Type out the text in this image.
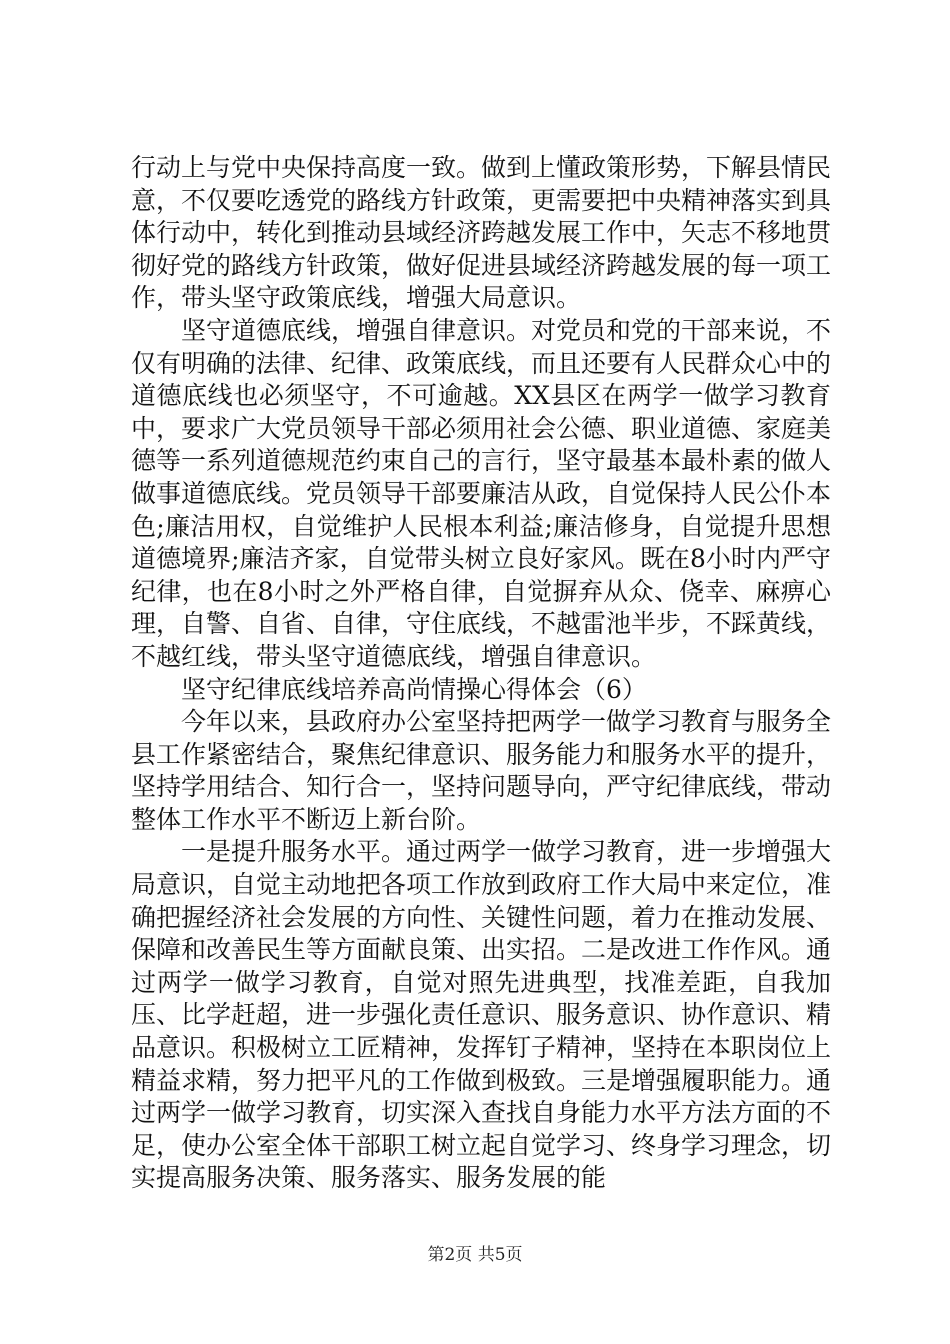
行动上与党中央保持高度一致。做到上懂政策形势，下解县情民意，不仅要吃透党的路线方针政策，更需要把中央精神落实到具体行动中，转化到推动县域经济跨越发展工作中，矢志不移地贯彻好党的路线方针政策，做好促进县域经济跨越发展的每一项工作，带头坚守政策底线，增强大局意识。

坚守道德底线，增强自律意识。对党员和党的干部来说，不仅有明确的法律、纪律、政策底线，而且还要有人民群众心中的道德底线也必须坚守，不可逾越。XX县区在两学一做学习教育中，要求广大党员领导干部必须用社会公德、职业道德、家庭美德等一系列道德规范约束自己的言行，坚守最基本最朴素的做人做事道德底线。党员领导干部要廉洁从政，自觉保持人民公仆本色;廉洁用权，自觉维护人民根本利益;廉洁修身，自觉提升思想道德境界;廉洁齐家，自觉带头树立良好家风。既在8小时内严守纪律，也在8小时之外严格自律，自觉摒弃从众、侥幸、麻痹心理，自警、自省、自律，守住底线，不越雷池半步，不踩黄线，不越红线，带头坚守道德底线，增强自律意识。

坚守纪律底线培养高尚情操心得体会（6）

今年以来，县政府办公室坚持把两学一做学习教育与服务全县工作紧密结合，聚焦纪律意识、服务能力和服务水平的提升，坚持学用结合、知行合一，坚持问题导向，严守纪律底线，带动整体工作水平不断迈上新台阶。

一是提升服务水平。通过两学一做学习教育，进一步增强大局意识，自觉主动地把各项工作放到政府工作大局中来定位，准确把握经济社会发展的方向性、关键性问题，着力在推动发展、保障和改善民生等方面献良策、出实招。二是改进工作作风。通过两学一做学习教育，自觉对照先进典型，找准差距，自我加压、比学赶超，进一步强化责任意识、服务意识、协作意识、精品意识。积极树立工匠精神，发挥钉子精神，坚持在本职岗位上精益求精，努力把平凡的工作做到极致。三是增强履职能力。通过两学一做学习教育，切实深入查找自身能力水平方法方面的不足，使办公室全体干部职工树立起自觉学习、终身学习理念，切实提高服务决策、服务落实、服务发展的能

第2页 共5页
